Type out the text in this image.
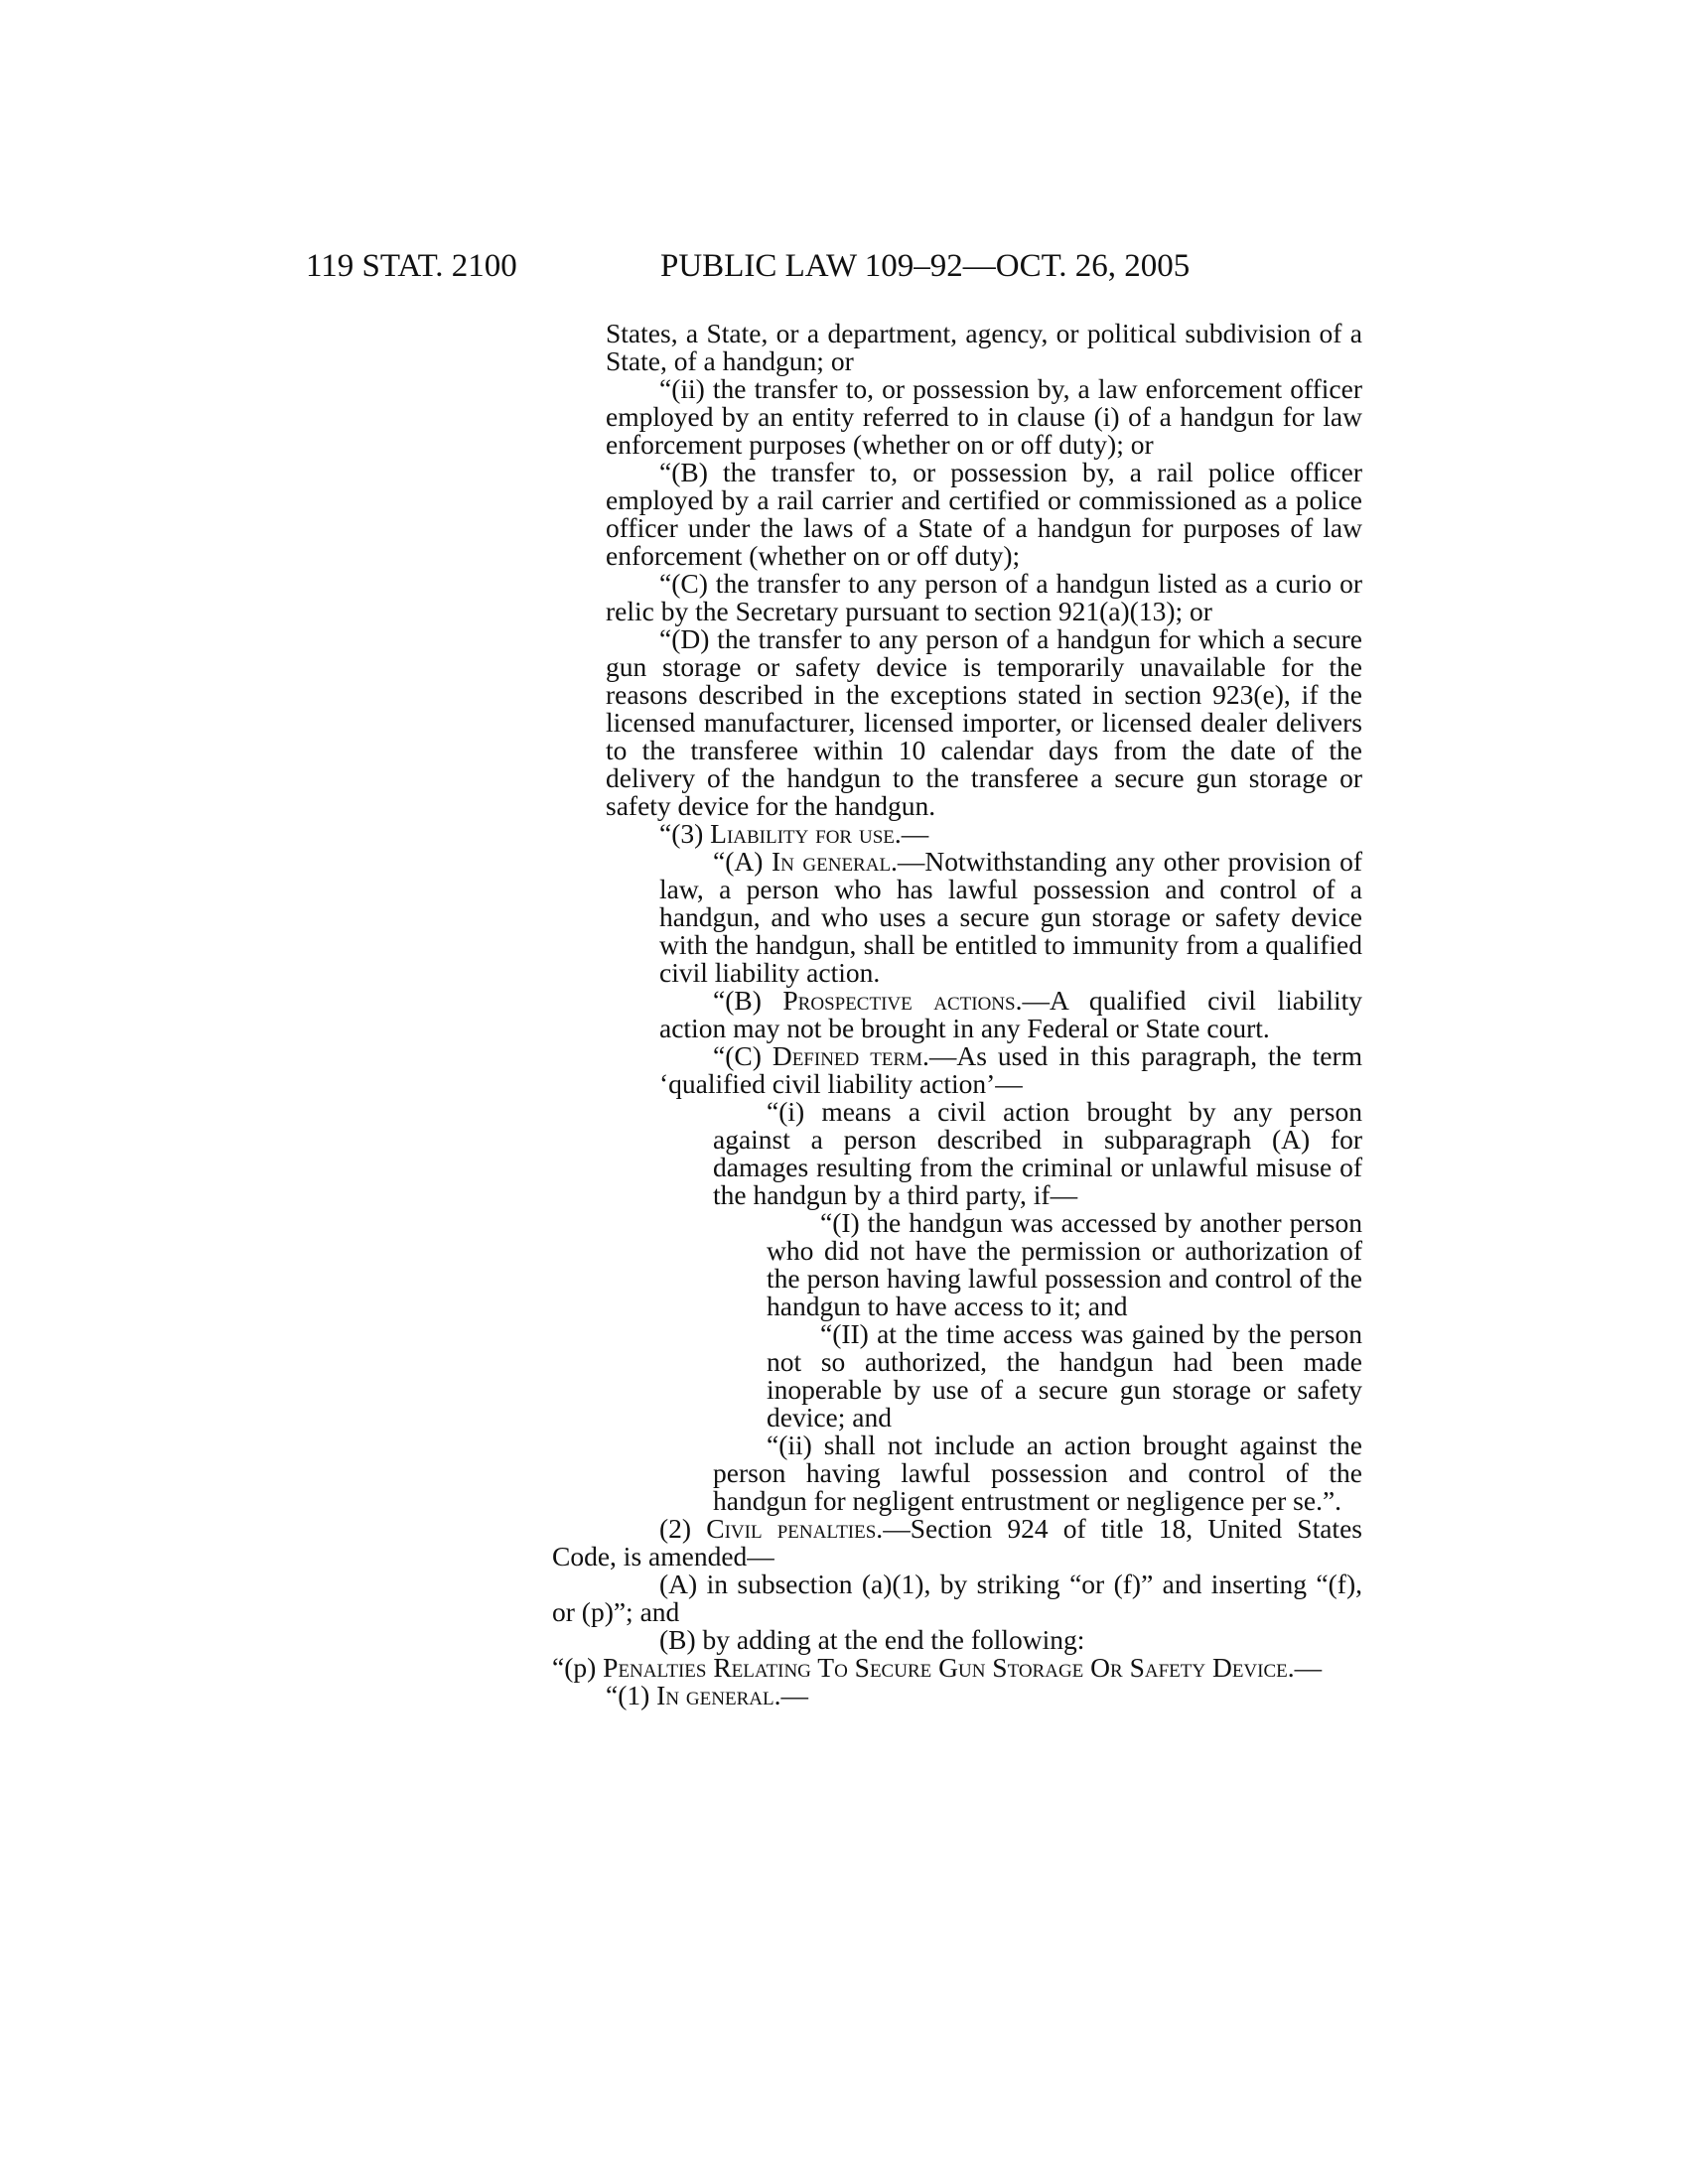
119 STAT. 2100	PUBLIC LAW 109–92—OCT. 26, 2005

States, a State, or a department, agency, or political subdivision of a State, of a handgun; or

“(ii) the transfer to, or possession by, a law enforcement officer employed by an entity referred to in clause (i) of a handgun for law enforcement purposes (whether on or off duty); or

“(B) the transfer to, or possession by, a rail police officer employed by a rail carrier and certified or commissioned as a police officer under the laws of a State of a handgun for purposes of law enforcement (whether on or off duty);

“(C) the transfer to any person of a handgun listed as a curio or relic by the Secretary pursuant to section 921(a)(13); or

“(D) the transfer to any person of a handgun for which a secure gun storage or safety device is temporarily unavailable for the reasons described in the exceptions stated in section 923(e), if the licensed manufacturer, licensed importer, or licensed dealer delivers to the transferee within 10 calendar days from the date of the delivery of the handgun to the transferee a secure gun storage or safety device for the handgun.

“(3) Liability for use.—

“(A) In general.—Notwithstanding any other provision of law, a person who has lawful possession and control of a handgun, and who uses a secure gun storage or safety device with the handgun, shall be entitled to immunity from a qualified civil liability action.

“(B) Prospective actions.—A qualified civil liability action may not be brought in any Federal or State court.

“(C) Defined term.—As used in this paragraph, the term ‘qualified civil liability action’—

“(i) means a civil action brought by any person against a person described in subparagraph (A) for damages resulting from the criminal or unlawful misuse of the handgun by a third party, if—

“(I) the handgun was accessed by another person who did not have the permission or authorization of the person having lawful possession and control of the handgun to have access to it; and

“(II) at the time access was gained by the person not so authorized, the handgun had been made inoperable by use of a secure gun storage or safety device; and

“(ii) shall not include an action brought against the person having lawful possession and control of the handgun for negligent entrustment or negligence per se.”.

(2) Civil penalties.—Section 924 of title 18, United States Code, is amended—

(A) in subsection (a)(1), by striking “or (f)” and inserting “(f), or (p)”; and

(B) by adding at the end the following:

“(p) Penalties Relating To Secure Gun Storage Or Safety Device.—

“(1) In general.—
